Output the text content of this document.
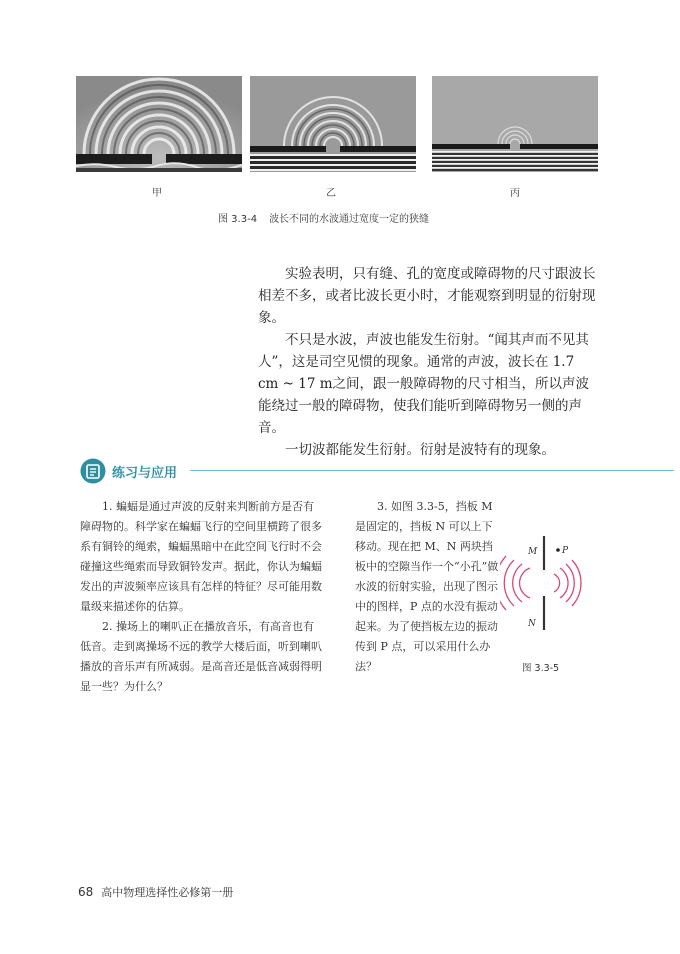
甲	乙	丙
图 3.3-4 波长不同的水波通过宽度一定的狭缝

实验表明，只有缝、孔的宽度或障碍物的尺寸跟波长相差不多，或者比波长更小时，才能观察到明显的衍射现象。

不只是水波，声波也能发生衍射。“闻其声而不见其人”，这是司空见惯的现象。通常的声波，波长在 1.7 cm ~ 17 m之间，跟一般障碍物的尺寸相当，所以声波能绕过一般的障碍物，使我们能听到障碍物另一侧的声音。

一切波都能发生衍射。衍射是波特有的现象。

练习与应用

1. 蝙蝠是通过声波的反射来判断前方是否有障碍物的。科学家在蝙蝠飞行的空间里横跨了很多系有铜铃的绳索，蝙蝠黑暗中在此空间飞行时不会碰撞这些绳索而导致铜铃发声。据此，你认为蝙蝠发出的声波频率应该具有怎样的特征？尽可能用数量级来描述你的估算。

2. 操场上的喇叭正在播放音乐，有高音也有低音。走到离操场不远的教学大楼后面，听到喇叭播放的音乐声有所减弱。是高音还是低音减弱得明显一些？为什么？

3. 如图 3.3-5，挡板 M 是固定的，挡板 N 可以上下移动。现在把 M、N 两块挡板中的空隙当作一个“小孔”做水波的衍射实验，出现了图示中的图样，P 点的水没有振动起来。为了使挡板左边的振动传到 P 点，可以采用什么办法？

M	P
N
图 3.3-5
68 高中物理选择性必修第一册
